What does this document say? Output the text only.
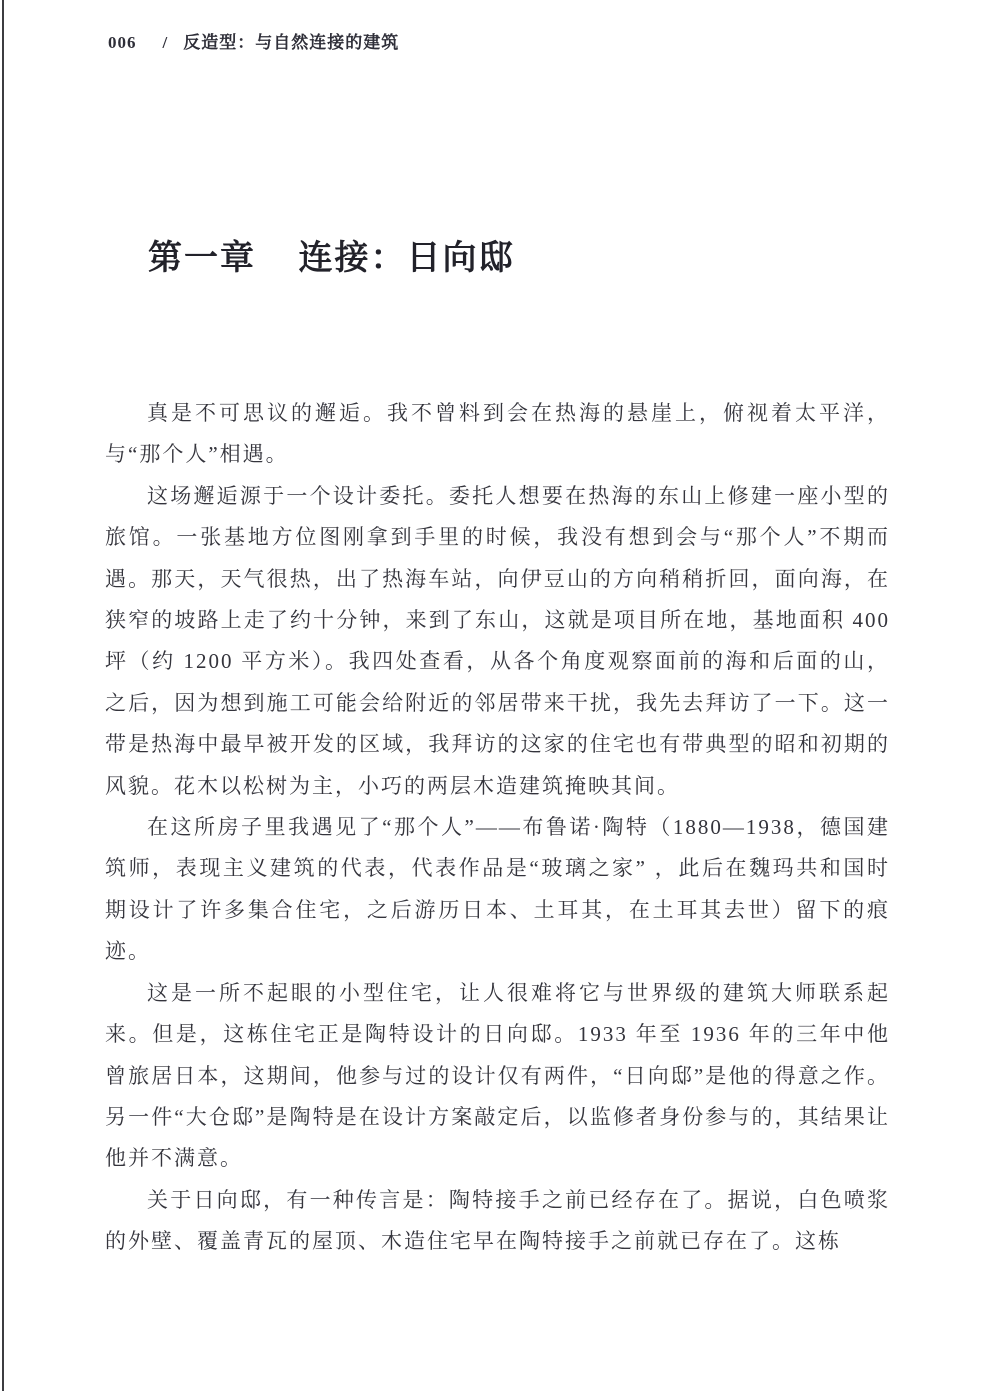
006 / 反造型：与自然连接的建筑
第一章 连接：日向邸

真是不可思议的邂逅。我不曾料到会在热海的悬崖上，俯视着太平洋，与“那个人”相遇。

这场邂逅源于一个设计委托。委托人想要在热海的东山上修建一座小型的旅馆。一张基地方位图刚拿到手里的时候，我没有想到会与“那个人”不期而遇。那天，天气很热，出了热海车站，向伊豆山的方向稍稍折回，面向海，在狭窄的坡路上走了约十分钟，来到了东山，这就是项目所在地，基地面积 400 坪（约 1200 平方米）。我四处查看，从各个角度观察面前的海和后面的山，之后，因为想到施工可能会给附近的邻居带来干扰，我先去拜访了一下。这一带是热海中最早被开发的区域，我拜访的这家的住宅也有带典型的昭和初期的风貌。花木以松树为主，小巧的两层木造建筑掩映其间。

在这所房子里我遇见了“那个人”——布鲁诺·陶特（1880—1938，德国建筑师，表现主义建筑的代表，代表作品是“玻璃之家” ，此后在魏玛共和国时期设计了许多集合住宅，之后游历日本、土耳其，在土耳其去世）留下的痕迹。

这是一所不起眼的小型住宅，让人很难将它与世界级的建筑大师联系起来。但是，这栋住宅正是陶特设计的日向邸。1933 年至 1936 年的三年中他曾旅居日本，这期间，他参与过的设计仅有两件，“日向邸”是他的得意之作。另一件“大仓邸”是陶特是在设计方案敲定后，以监修者身份参与的，其结果让他并不满意。

关于日向邸，有一种传言是：陶特接手之前已经存在了。据说，白色喷浆的外壁、覆盖青瓦的屋顶、木造住宅早在陶特接手之前就已存在了。这栋
